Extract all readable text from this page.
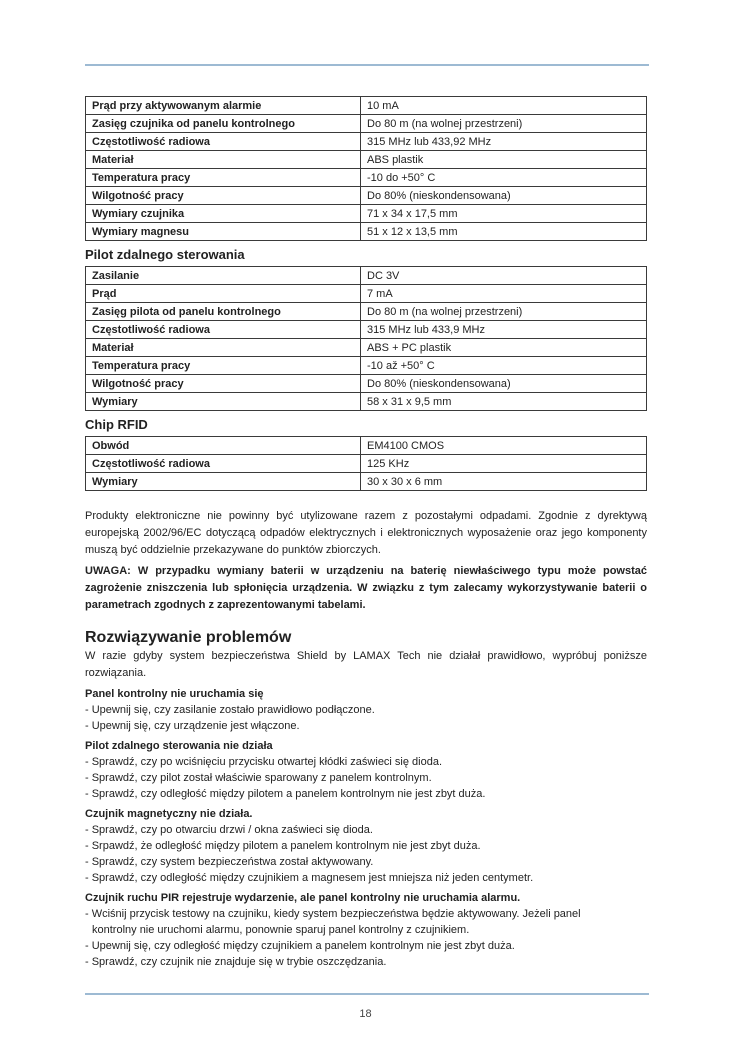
Prąd przy aktywowanym alarmie	10 mA
Zasięg czujnika od panelu kontrolnego	Do 80 m (na wolnej przestrzeni)
Częstotliwość radiowa	315 MHz lub 433,92 MHz
Materiał	ABS plastik
Temperatura pracy	-10 do +50° C
Wilgotność pracy	Do 80% (nieskondensowana)
Wymiary czujnika	71 x 34 x 17,5 mm
Wymiary magnesu	51 x 12 x 13,5 mm
Pilot zdalnego sterowania
Zasilanie	DC 3V
Prąd	7 mA
Zasięg pilota od panelu kontrolnego	Do 80 m (na wolnej przestrzeni)
Częstotliwość radiowa	315 MHz lub 433,9 MHz
Materiał	ABS + PC plastik
Temperatura pracy	-10 až +50° C
Wilgotność pracy	Do 80% (nieskondensowana)
Wymiary	58 x 31 x 9,5 mm
Chip RFID
Obwód	EM4100 CMOS
Częstotliwość radiowa	125 KHz
Wymiary	30 x 30 x 6 mm

Produkty elektroniczne nie powinny być utylizowane razem z pozostałymi odpadami. Zgodnie z dyrektywą europejską 2002/96/EC dotyczącą odpadów elektrycznych i elektronicznych wyposażenie oraz jego komponenty muszą być oddzielnie przekazywane do punktów zbiorczych.

UWAGA: W przypadku wymiany baterii w urządzeniu na baterię niewłaściwego typu może powstać zagrożenie zniszczenia lub spłonięcia urządzenia. W związku z tym zalecamy wykorzystywanie baterii o parametrach zgodnych z zaprezentowanymi tabelami.

Rozwiązywanie problemów

W razie gdyby system bezpieczeństwa Shield by LAMAX Tech nie działał prawidłowo, wypróbuj poniższe rozwiązania.

Panel kontrolny nie uruchamia się
- Upewnij się, czy zasilanie zostało prawidłowo podłączone.
- Upewnij się, czy urządzenie jest włączone.
Pilot zdalnego sterowania nie działa
- Sprawdź, czy po wciśnięciu przycisku otwartej kłódki zaświeci się dioda.
- Sprawdź, czy pilot został właściwie sparowany z panelem kontrolnym.
- Sprawdź, czy odległość między pilotem a panelem kontrolnym nie jest zbyt duża.
Czujnik magnetyczny nie działa.
- Sprawdź, czy po otwarciu drzwi / okna zaświeci się dioda.
- Srpawdź, że odległość między pilotem a panelem kontrolnym nie jest zbyt duża.
- Sprawdź, czy system bezpieczeństwa został aktywowany.
- Sprawdź, czy odległość między czujnikiem a magnesem jest mniejsza niż jeden centymetr.
Czujnik ruchu PIR rejestruje wydarzenie, ale panel kontrolny nie uruchamia alarmu.
- Wciśnij przycisk testowy na czujniku, kiedy system bezpieczeństwa będzie aktywowany. Jeżeli panel
kontrolny nie uruchomi alarmu, ponownie sparuj panel kontrolny z czujnikiem.
- Upewnij się, czy odległość między czujnikiem a panelem kontrolnym nie jest zbyt duża.
- Sprawdź, czy czujnik nie znajduje się w trybie oszczędzania.
18
